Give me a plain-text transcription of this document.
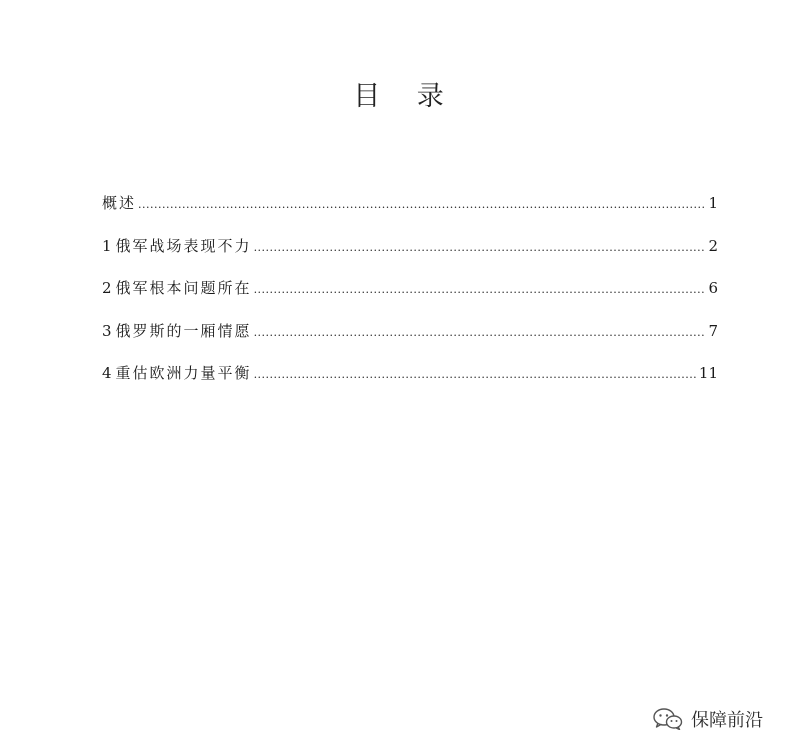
目 录
概述 .....	1
1 俄军战场表现不力 .....	2
2 俄军根本问题所在 .....	6
3 俄罗斯的一厢情愿 .....	7
4 重估欧洲力量平衡 .....	11
保障前沿
